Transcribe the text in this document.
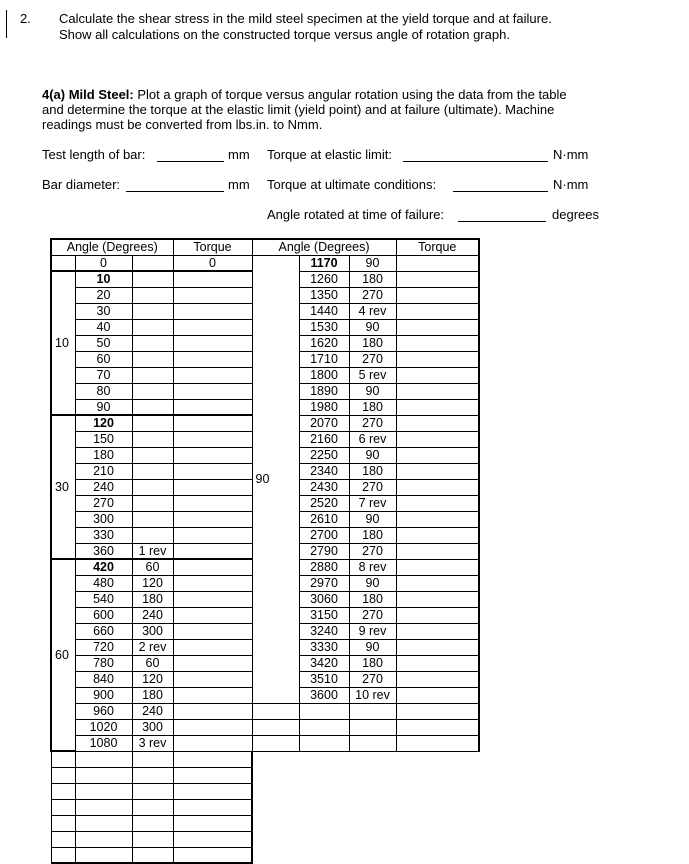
2. Calculate the shear stress in the mild steel specimen at the yield torque and at failure.
Show all calculations on the constructed torque versus angle of rotation graph.
4(a) Mild Steel: Plot a graph of torque versus angular rotation using the data from the table
and determine the torque at the elastic limit (yield point) and at failure (ultimate). Machine
readings must be converted from lbs.in. to Nmm.
Test length of bar:	mm
Bar diameter:	mm
Torque at elastic limit:	N·mm
Torque at ultimate conditions:	N·mm
Angle rotated at time of failure:	degrees
Angle (Degrees)			Torque	Angle (Degrees)			Torque
	0		0	90	1170	90	
10	10				1260	180	
	20				1350	270	
	30				1440	4 rev	
	40				1530	90	
	50				1620	180	
	60				1710	270	
	70				1800	5 rev	
	80				1890	90	
	90				1980	180	
30	120				2070	270	
	150				2160	6 rev	
	180				2250	90	
	210				2340	180	
	240				2430	270	
	270				2520	7 rev	
	300				2610	90	
	330				2700	180	
	360	1 rev			2790	270	
60	420	60			2880	8 rev	
	480	120			2970	90	
	540	180			3060	180	
	600	240			3150	270	
	660	300			3240	9 rev	
	720	2 rev			3330	90	
	780	60			3420	180	
	840	120			3510	270	
	900	180			3600	10 rev	
	960	240					
	1020	300					
	1080	3 rev					
